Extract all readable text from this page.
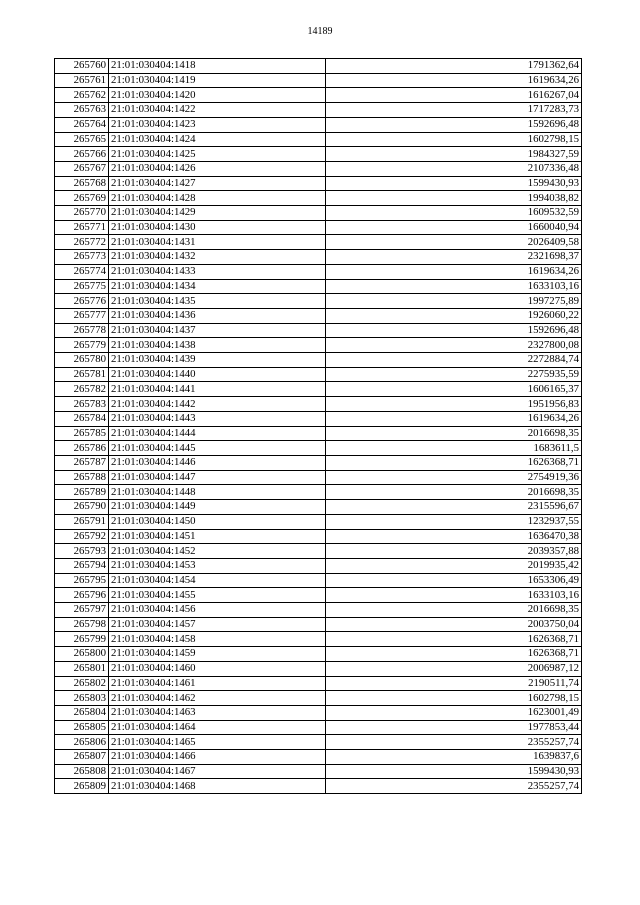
14189
265760	21:01:030404:1418	1791362,64
265761	21:01:030404:1419	1619634,26
265762	21:01:030404:1420	1616267,04
265763	21:01:030404:1422	1717283,73
265764	21:01:030404:1423	1592696,48
265765	21:01:030404:1424	1602798,15
265766	21:01:030404:1425	1984327,59
265767	21:01:030404:1426	2107336,48
265768	21:01:030404:1427	1599430,93
265769	21:01:030404:1428	1994038,82
265770	21:01:030404:1429	1609532,59
265771	21:01:030404:1430	1660040,94
265772	21:01:030404:1431	2026409,58
265773	21:01:030404:1432	2321698,37
265774	21:01:030404:1433	1619634,26
265775	21:01:030404:1434	1633103,16
265776	21:01:030404:1435	1997275,89
265777	21:01:030404:1436	1926060,22
265778	21:01:030404:1437	1592696,48
265779	21:01:030404:1438	2327800,08
265780	21:01:030404:1439	2272884,74
265781	21:01:030404:1440	2275935,59
265782	21:01:030404:1441	1606165,37
265783	21:01:030404:1442	1951956,83
265784	21:01:030404:1443	1619634,26
265785	21:01:030404:1444	2016698,35
265786	21:01:030404:1445	1683611,5
265787	21:01:030404:1446	1626368,71
265788	21:01:030404:1447	2754919,36
265789	21:01:030404:1448	2016698,35
265790	21:01:030404:1449	2315596,67
265791	21:01:030404:1450	1232937,55
265792	21:01:030404:1451	1636470,38
265793	21:01:030404:1452	2039357,88
265794	21:01:030404:1453	2019935,42
265795	21:01:030404:1454	1653306,49
265796	21:01:030404:1455	1633103,16
265797	21:01:030404:1456	2016698,35
265798	21:01:030404:1457	2003750,04
265799	21:01:030404:1458	1626368,71
265800	21:01:030404:1459	1626368,71
265801	21:01:030404:1460	2006987,12
265802	21:01:030404:1461	2190511,74
265803	21:01:030404:1462	1602798,15
265804	21:01:030404:1463	1623001,49
265805	21:01:030404:1464	1977853,44
265806	21:01:030404:1465	2355257,74
265807	21:01:030404:1466	1639837,6
265808	21:01:030404:1467	1599430,93
265809	21:01:030404:1468	2355257,74
